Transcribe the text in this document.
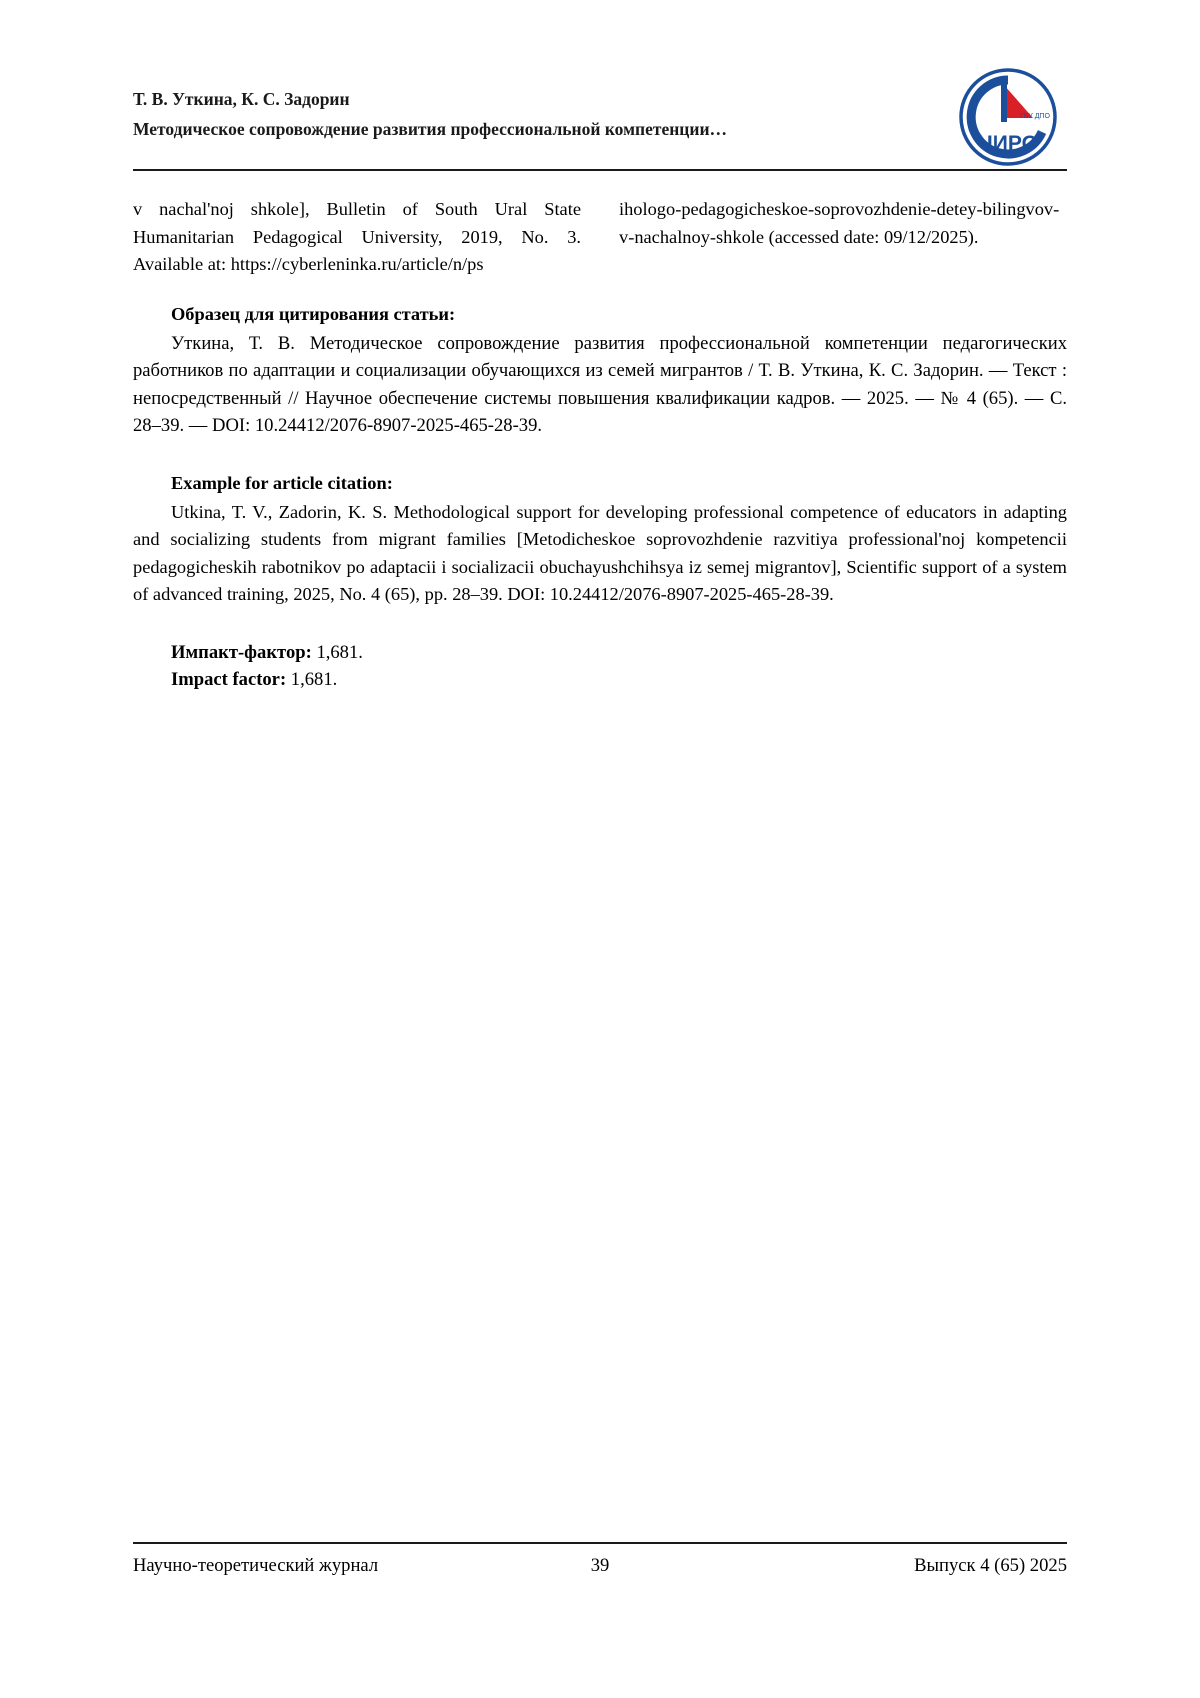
Т. В. Уткина, К. С. Задорин
Методическое сопровождение развития профессиональной компетенции…
ГБУ ДПО
ЧИРО

v nachal'noj shkole], Bulletin of South Ural State Humanitarian Pedagogical University, 2019, No. 3. Available at: https://cyberleninka.ru/article/n/ps

ihologo-pedagogicheskoe-soprovozhdenie-detey-bilingvov-v-nachalnoy-shkole (accessed date: 09/12/2025).

Образец для цитирования статьи:

Уткина, Т. В. Методическое сопровождение развития профессиональной компетенции педагогических работников по адаптации и социализации обучающихся из семей мигрантов / Т. В. Уткина, К. С. Задорин. — Текст : непосредственный // Научное обеспечение системы повышения квалификации кадров. — 2025. — № 4 (65). — С. 28–39. — DOI: 10.24412/2076-8907-2025-465-28-39.

Example for article citation:

Utkina, T. V., Zadorin, K. S. Methodological support for developing professional competence of educators in adapting and socializing students from migrant families [Metodicheskoe soprovozhdenie razvitiya professional'noj kompetencii pedagogicheskih rabotnikov po adaptacii i socializacii obuchayushchihsya iz semej migrantov], Scientific support of a system of advanced training, 2025, No. 4 (65), pp. 28–39. DOI: 10.24412/2076-8907-2025-465-28-39.

Импакт-фактор: 1,681.

Impact factor: 1,681.

Научно-теоретический журнал	39	Выпуск 4 (65) 2025
